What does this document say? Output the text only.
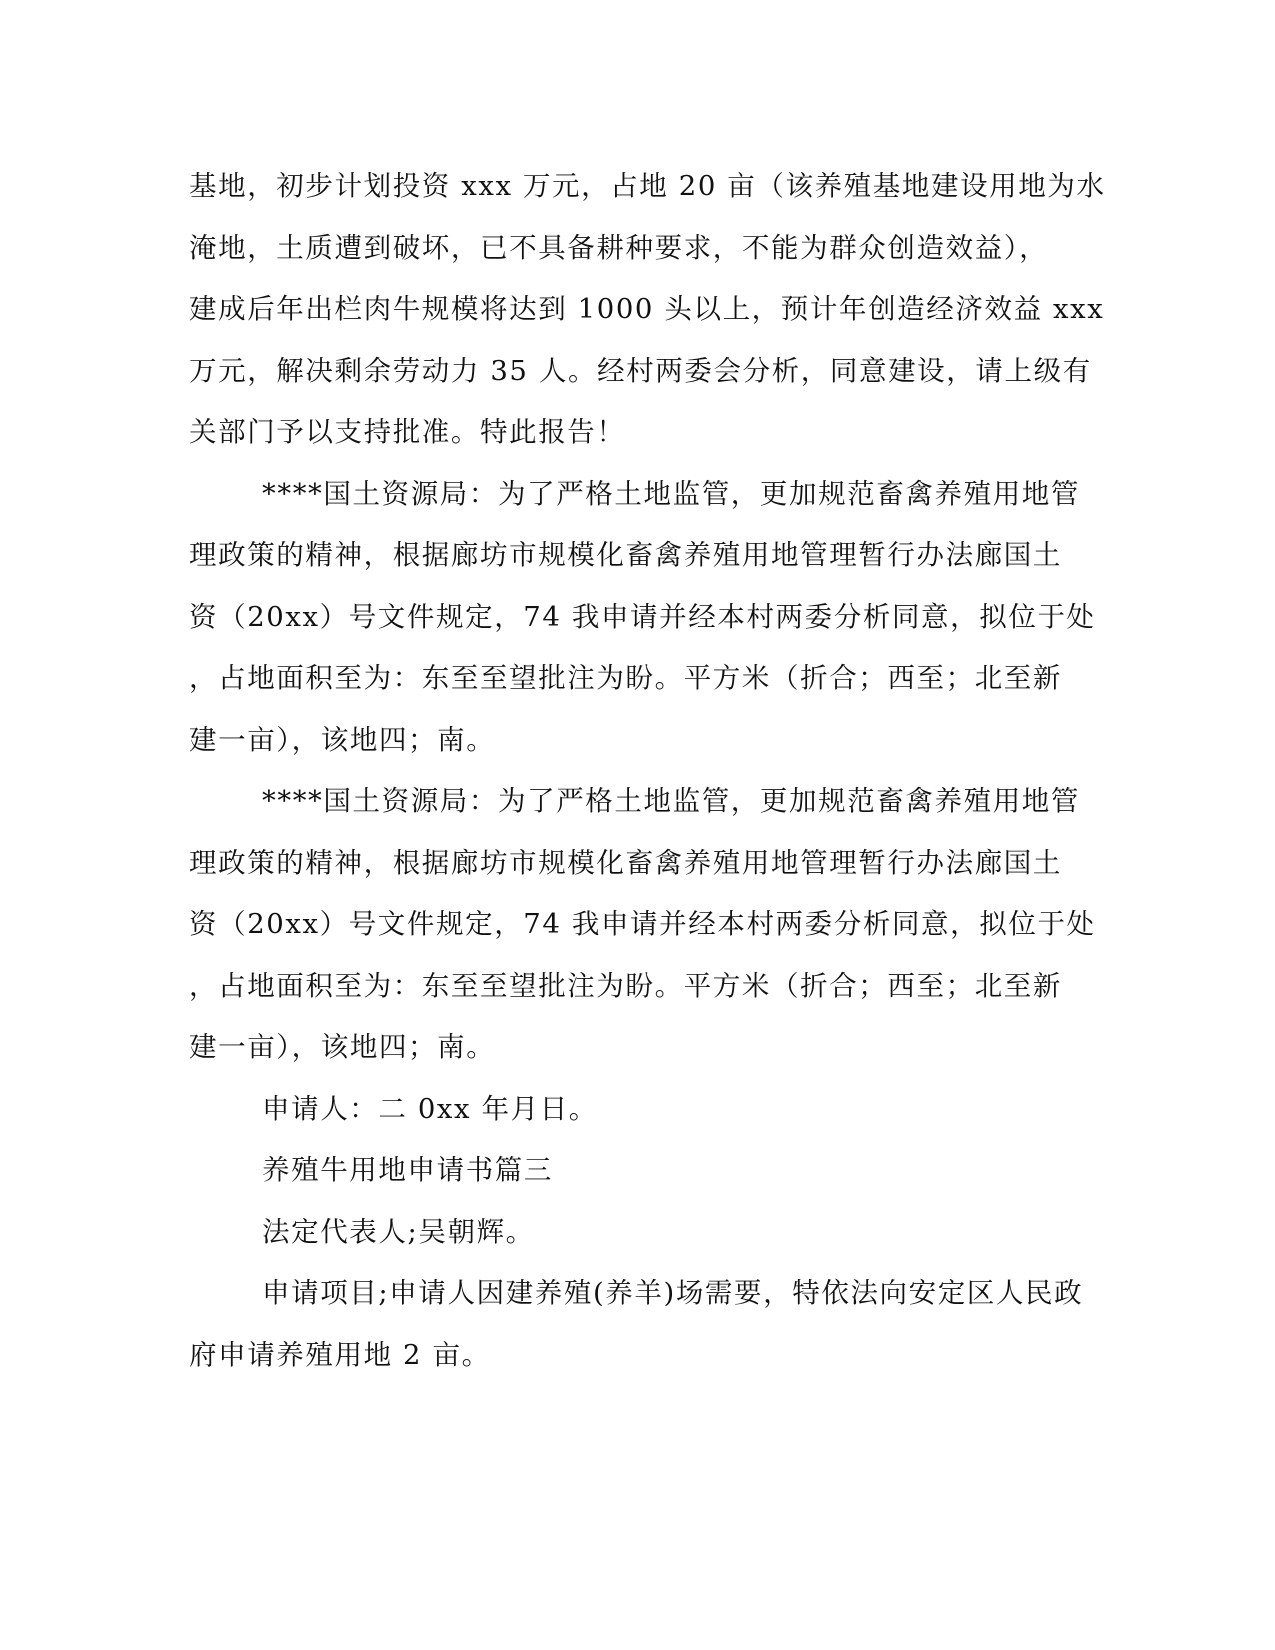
基地，初步计划投资 xxx 万元，占地 20 亩（该养殖基地建设用地为水
淹地，土质遭到破坏，已不具备耕种要求，不能为群众创造效益），
建成后年出栏肉牛规模将达到 1000 头以上，预计年创造经济效益 xxx
万元，解决剩余劳动力 35 人。经村两委会分析，同意建设，请上级有
关部门予以支持批准。特此报告！
****国土资源局：为了严格土地监管，更加规范畜禽养殖用地管
理政策的精神，根据廊坊市规模化畜禽养殖用地管理暂行办法廊国土
资（20xx）号文件规定，74 我申请并经本村两委分析同意，拟位于处
，占地面积至为：东至至望批注为盼。平方米（折合；西至；北至新
建一亩），该地四；南。
****国土资源局：为了严格土地监管，更加规范畜禽养殖用地管
理政策的精神，根据廊坊市规模化畜禽养殖用地管理暂行办法廊国土
资（20xx）号文件规定，74 我申请并经本村两委分析同意，拟位于处
，占地面积至为：东至至望批注为盼。平方米（折合；西至；北至新
建一亩），该地四；南。
申请人：二 0xx 年月日。
养殖牛用地申请书篇三
法定代表人;吴朝辉。
申请项目;申请人因建养殖(养羊)场需要，特依法向安定区人民政
府申请养殖用地 2 亩。
